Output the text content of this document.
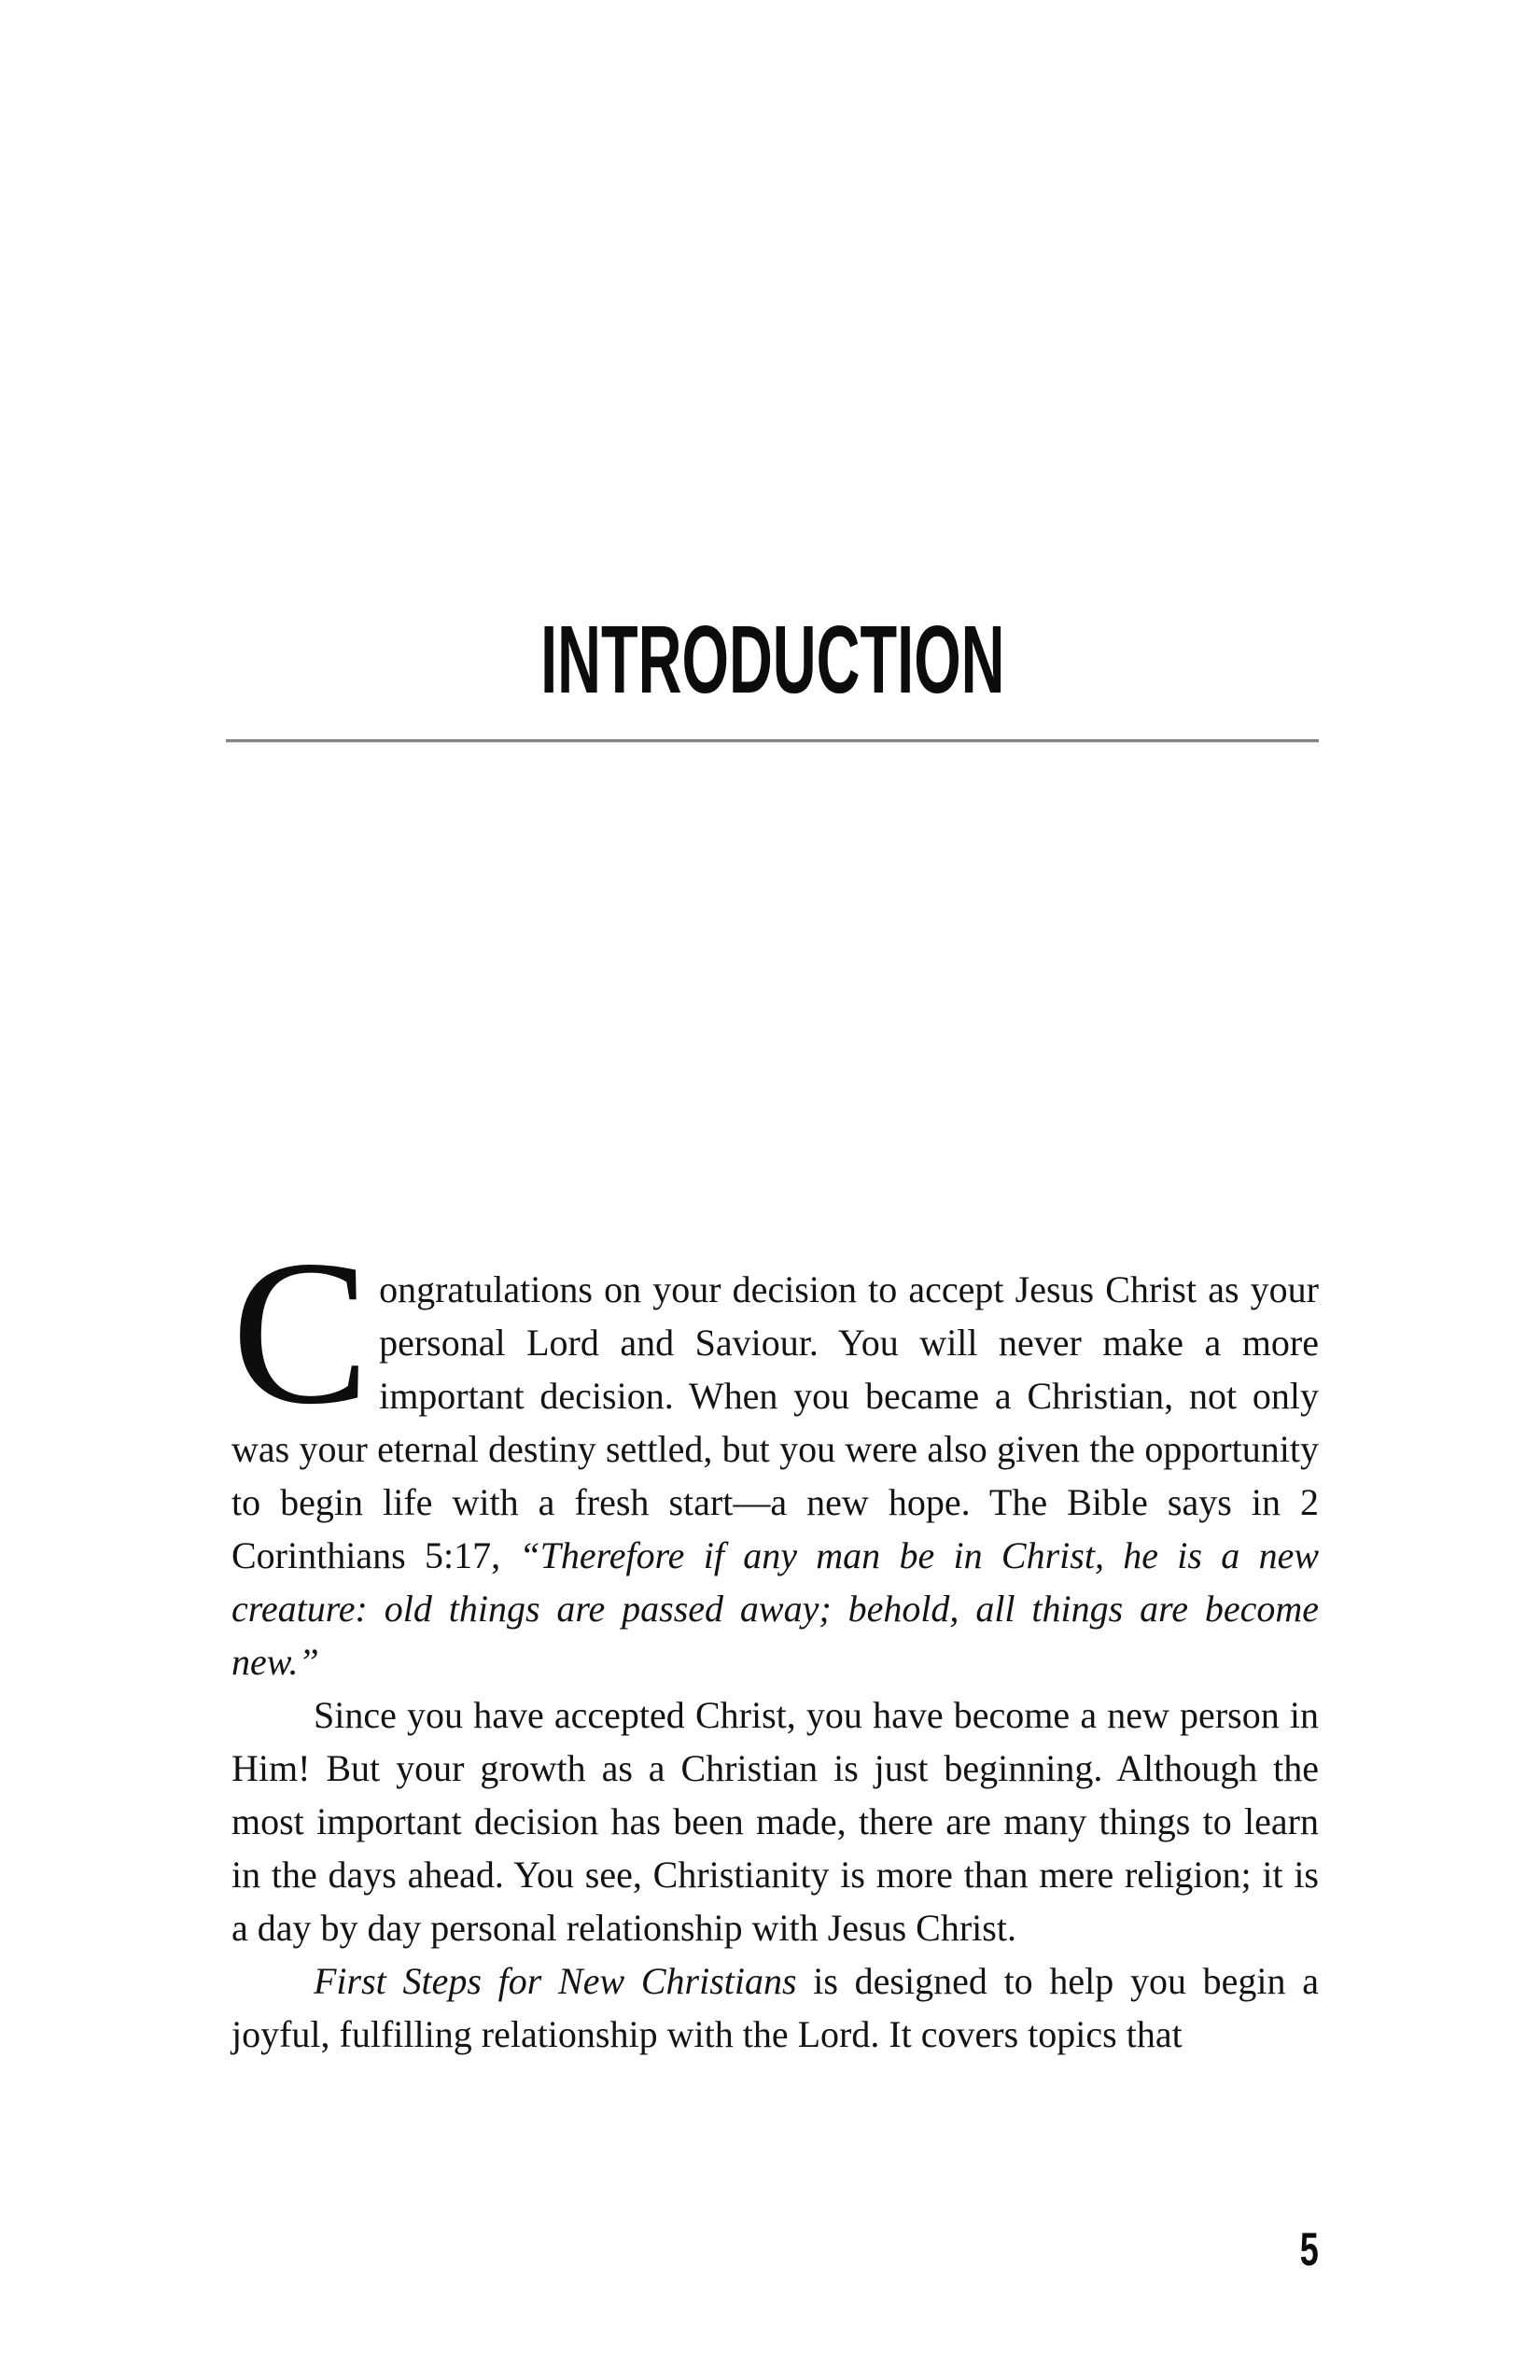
INTRODUCTION

Congratulations on your decision to accept Jesus Christ as your personal Lord and Saviour. You will never make a more important decision. When you became a Christian, not only was your eternal destiny settled, but you were also given the opportunity to begin life with a fresh start—a new hope. The Bible says in 2 Corinthians 5:17, “Therefore if any man be in Christ, he is a new creature: old things are passed away; behold, all things are become new.”

Since you have accepted Christ, you have become a new person in Him! But your growth as a Christian is just beginning. Although the most important decision has been made, there are many things to learn in the days ahead. You see, Christianity is more than mere religion; it is a day by day personal relationship with Jesus Christ.

First Steps for New Christians is designed to help you begin a joyful, fulfilling relationship with the Lord. It covers topics that

5
